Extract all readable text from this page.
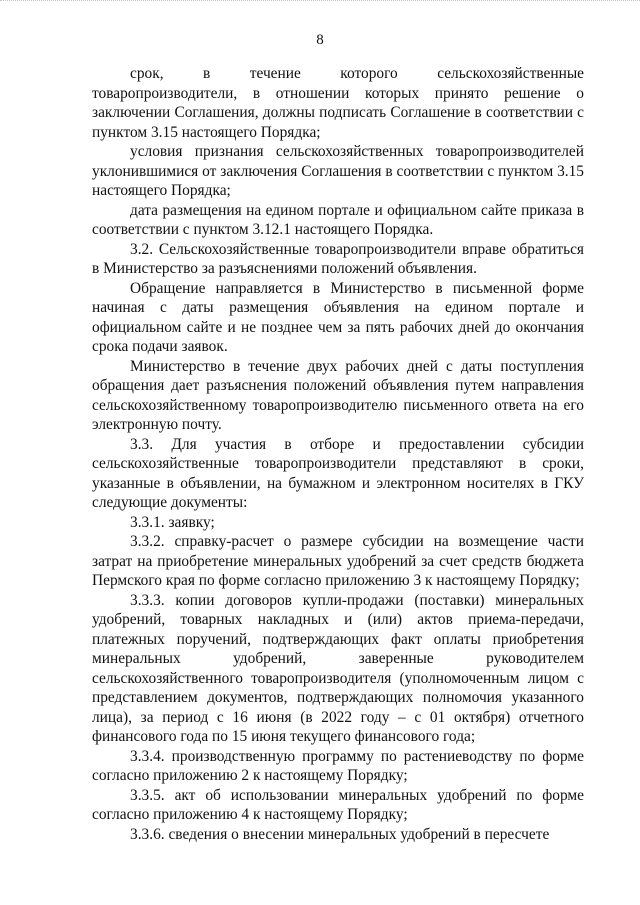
8

срок, в течение которого сельскохозяйственные товаропроизводители, в отношении которых принято решение о заключении Соглашения, должны подписать Соглашение в соответствии с пунктом 3.15 настоящего Порядка;

условия признания сельскохозяйственных товаропроизводителей уклонившимися от заключения Соглашения в соответствии с пунктом 3.15 настоящего Порядка;

дата размещения на едином портале и официальном сайте приказа в соответствии с пунктом 3.12.1 настоящего Порядка.

3.2. Сельскохозяйственные товаропроизводители вправе обратиться в Министерство за разъяснениями положений объявления.

Обращение направляется в Министерство в письменной форме начиная с даты размещения объявления на едином портале и официальном сайте и не позднее чем за пять рабочих дней до окончания срока подачи заявок.

Министерство в течение двух рабочих дней с даты поступления обращения дает разъяснения положений объявления путем направления сельскохозяйственному товаропроизводителю письменного ответа на его электронную почту.

3.3. Для участия в отборе и предоставлении субсидии сельскохозяйственные товаропроизводители представляют в сроки, указанные в объявлении, на бумажном и электронном носителях в ГКУ следующие документы:

3.3.1. заявку;

3.3.2. справку-расчет о размере субсидии на возмещение части затрат на приобретение минеральных удобрений за счет средств бюджета Пермского края по форме согласно приложению 3 к настоящему Порядку;

3.3.3. копии договоров купли-продажи (поставки) минеральных удобрений, товарных накладных и (или) актов приема-передачи, платежных поручений, подтверждающих факт оплаты приобретения минеральных удобрений, заверенные руководителем сельскохозяйственного товаропроизводителя (уполномоченным лицом с представлением документов, подтверждающих полномочия указанного лица), за период с 16 июня (в 2022 году – с 01 октября) отчетного финансового года по 15 июня текущего финансового года;

3.3.4. производственную программу по растениеводству по форме согласно приложению 2 к настоящему Порядку;

3.3.5. акт об использовании минеральных удобрений по форме согласно приложению 4 к настоящему Порядку;

3.3.6. сведения о внесении минеральных удобрений в пересчете
